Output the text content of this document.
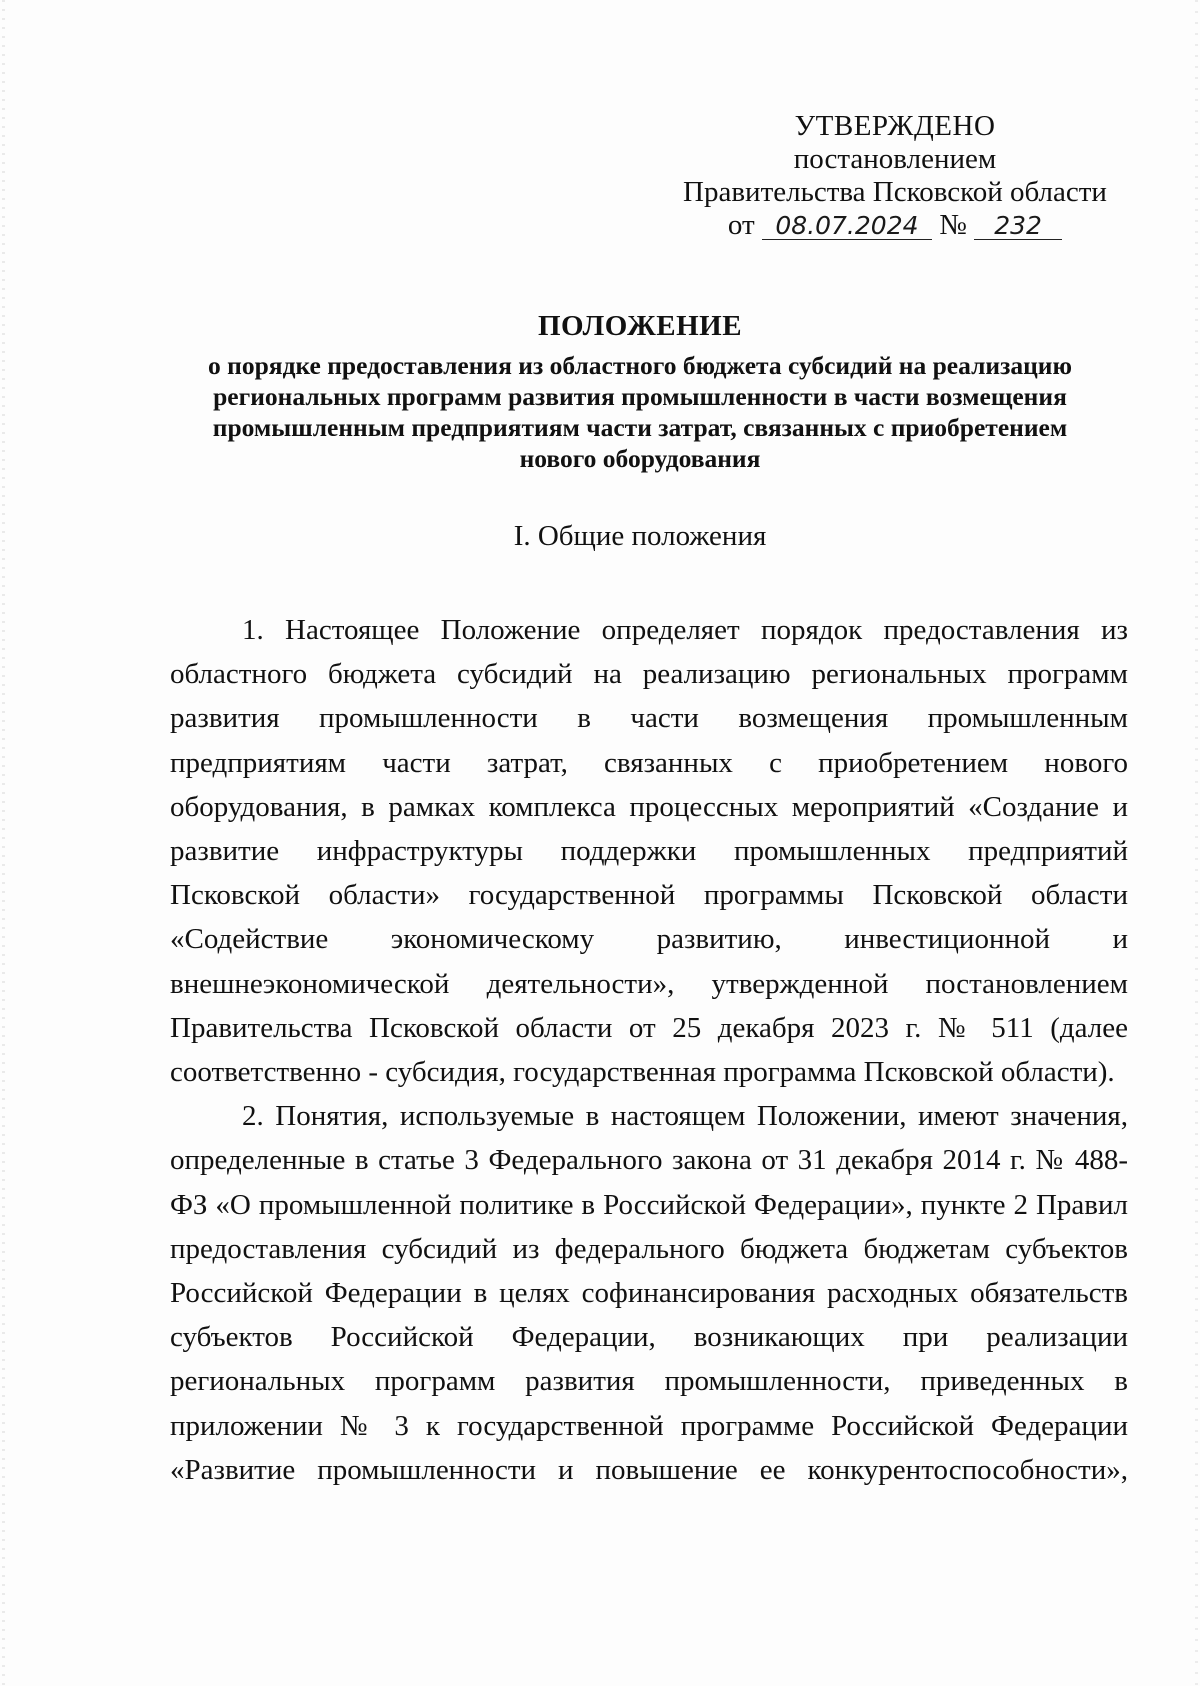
УТВЕРЖДЕНО
постановлением
Правительства Псковской области
от 08.07.2024 № 232
ПОЛОЖЕНИЕ
о порядке предоставления из областного бюджета субсидий на реализацию
региональных программ развития промышленности в части возмещения
промышленным предприятиям части затрат, связанных с приобретением
нового оборудования
I. Общие положения

1. Настоящее Положение определяет порядок предоставления из областного бюджета субсидий на реализацию региональных программ развития промышленности в части возмещения промышленным предприятиям части затрат, связанных с приобретением нового оборудования, в рамках комплекса процессных мероприятий «Создание и развитие инфраструктуры поддержки промышленных предприятий Псковской области» государственной программы Псковской области «Содействие экономическому развитию, инвестиционной и внешнеэкономической деятельности», утвержденной постановлением Правительства Псковской области от 25 декабря 2023 г. № 511 (далее соответственно - субсидия, государственная программа Псковской области).

2. Понятия, используемые в настоящем Положении, имеют значения, определенные в статье 3 Федерального закона от 31 декабря 2014 г. № 488-ФЗ «О промышленной политике в Российской Федерации», пункте 2 Правил предоставления субсидий из федерального бюджета бюджетам субъектов Российской Федерации в целях софинансирования расходных обязательств субъектов Российской Федерации, возникающих при реализации региональных программ развития промышленности, приведенных в приложении № 3 к государственной программе Российской Федерации «Развитие промышленности и повышение ее конкурентоспособности»,
